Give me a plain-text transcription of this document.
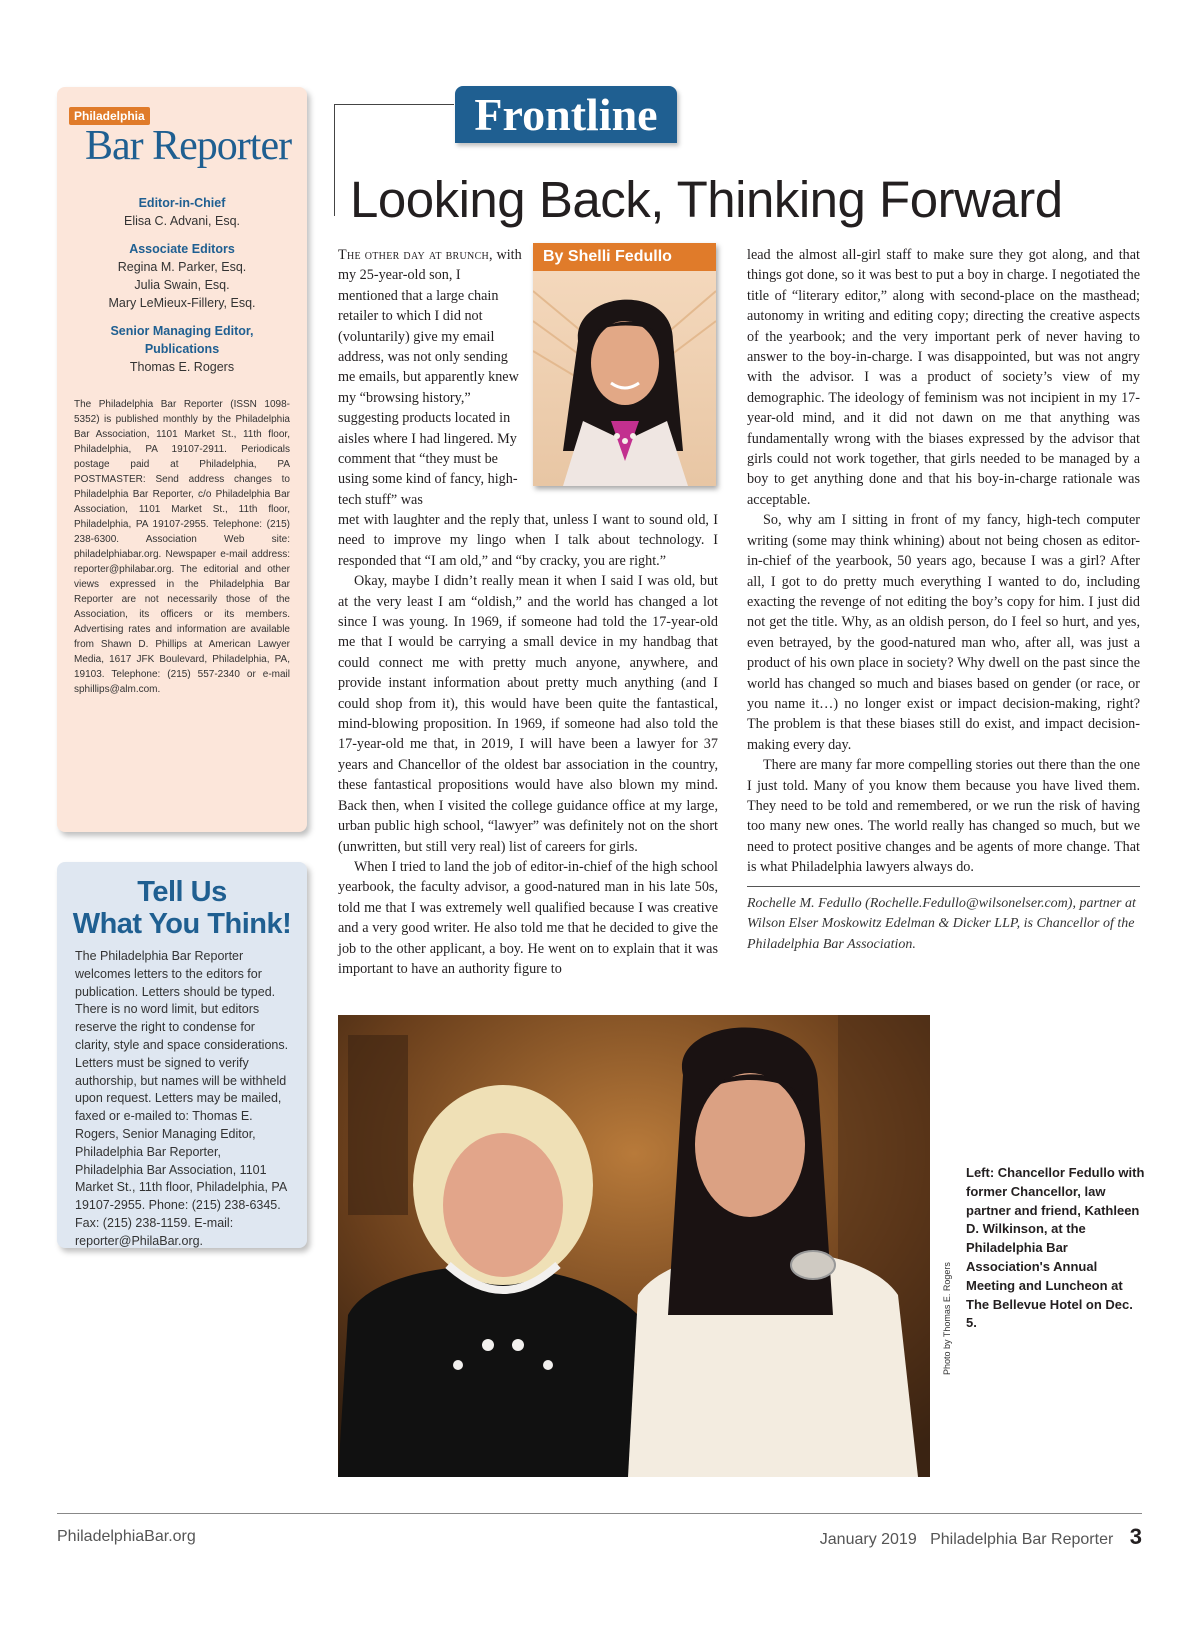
Philadelphia
Bar Reporter
Editor-in-Chief
Elisa C. Advani, Esq.
Associate Editors
Regina M. Parker, Esq.
Julia Swain, Esq.
Mary LeMieux-Fillery, Esq.
Senior Managing Editor, Publications
Thomas E. Rogers
The Philadelphia Bar Reporter (ISSN 1098-5352) is published monthly by the Philadelphia Bar Association, 1101 Market St., 11th floor, Philadelphia, PA 19107-2911. Periodicals postage paid at Philadelphia, PA POSTMASTER: Send address changes to Philadelphia Bar Reporter, c/o Philadelphia Bar Association, 1101 Market St., 11th floor, Philadelphia, PA 19107-2955. Telephone: (215) 238-6300. Association Web site: philadelphiabar.org. Newspaper e-mail address: reporter@philabar.org. The editorial and other views expressed in the Philadelphia Bar Reporter are not necessarily those of the Association, its officers or its members. Advertising rates and information are available from Shawn D. Phillips at American Lawyer Media, 1617 JFK Boulevard, Philadelphia, PA, 19103. Telephone: (215) 557-2340 or e-mail sphillips@alm.com.
Tell Us
What You Think!

The Philadelphia Bar Reporter welcomes letters to the editors for publication. Letters should be typed. There is no word limit, but editors reserve the right to condense for clarity, style and space considerations. Letters must be signed to verify authorship, but names will be withheld upon request. Letters may be mailed, faxed or e-mailed to: Thomas E. Rogers, Senior Managing Editor, Philadelphia Bar Reporter, Philadelphia Bar Association, 1101 Market St., 11th floor, Philadelphia, PA 19107-2955. Phone: (215) 238-6345. Fax: (215) 238-1159. E-mail: reporter@PhilaBar.org.

Frontline
Looking Back, Thinking Forward
By Shelli Fedullo

The other day at brunch, with my 25-year-old son, I mentioned that a large chain retailer to which I did not (voluntarily) give my email address, was not only sending me emails, but apparently knew my “browsing history,” suggesting products located in aisles where I had lingered. My comment that “they must be using some kind of fancy, high-tech stuff” was

met with laughter and the reply that, unless I want to sound old, I need to improve my lingo when I talk about technology. I responded that “I am old,” and “by cracky, you are right.”

Okay, maybe I didn’t really mean it when I said I was old, but at the very least I am “oldish,” and the world has changed a lot since I was young. In 1969, if someone had told the 17-year-old me that I would be carrying a small device in my handbag that could connect me with pretty much anyone, anywhere, and provide instant information about pretty much anything (and I could shop from it), this would have been quite the fantastical, mind-blowing proposition. In 1969, if someone had also told the 17-year-old me that, in 2019, I will have been a lawyer for 37 years and Chancellor of the oldest bar association in the country, these fantastical propositions would have also blown my mind. Back then, when I visited the college guidance office at my large, urban public high school, “lawyer” was definitely not on the short (unwritten, but still very real) list of careers for girls.

When I tried to land the job of editor-in-chief of the high school yearbook, the faculty advisor, a good-natured man in his late 50s, told me that I was extremely well qualified because I was creative and a very good writer. He also told me that he decided to give the job to the other applicant, a boy. He went on to explain that it was important to have an authority figure to

lead the almost all-girl staff to make sure they got along, and that things got done, so it was best to put a boy in charge. I negotiated the title of “literary editor,” along with second-place on the masthead; autonomy in writing and editing copy; directing the creative aspects of the yearbook; and the very important perk of never having to answer to the boy-in-charge. I was disappointed, but was not angry with the advisor. I was a product of society’s view of my demographic. The ideology of feminism was not incipient in my 17-year-old mind, and it did not dawn on me that anything was fundamentally wrong with the biases expressed by the advisor that girls could not work together, that girls needed to be managed by a boy to get anything done and that his boy-in-charge rationale was acceptable.

So, why am I sitting in front of my fancy, high-tech computer writing (some may think whining) about not being chosen as editor-in-chief of the yearbook, 50 years ago, because I was a girl? After all, I got to do pretty much everything I wanted to do, including exacting the revenge of not editing the boy’s copy for him. I just did not get the title. Why, as an oldish person, do I feel so hurt, and yes, even betrayed, by the good-natured man who, after all, was just a product of his own place in society? Why dwell on the past since the world has changed so much and biases based on gender (or race, or you name it…) no longer exist or impact decision-making, right? The problem is that these biases still do exist, and impact decision-making every day.

There are many far more compelling stories out there than the one I just told. Many of you know them because you have lived them. They need to be told and remembered, or we run the risk of having too many new ones. The world really has changed so much, but we need to protect positive changes and be agents of more change. That is what Philadelphia lawyers always do.

Rochelle M. Fedullo (Rochelle.Fedullo@wilsonelser.com), partner at Wilson Elser Moskowitz Edelman & Dicker LLP, is Chancellor of the Philadelphia Bar Association.
Photo by Thomas E. Rogers
Left: Chancellor Fedullo with former Chancellor, law partner and friend, Kathleen D. Wilkinson, at the Philadelphia Bar Association's Annual Meeting and Luncheon at The Bellevue Hotel on Dec. 5.
PhiladelphiaBar.org	January 2019 Philadelphia Bar Reporter 3
